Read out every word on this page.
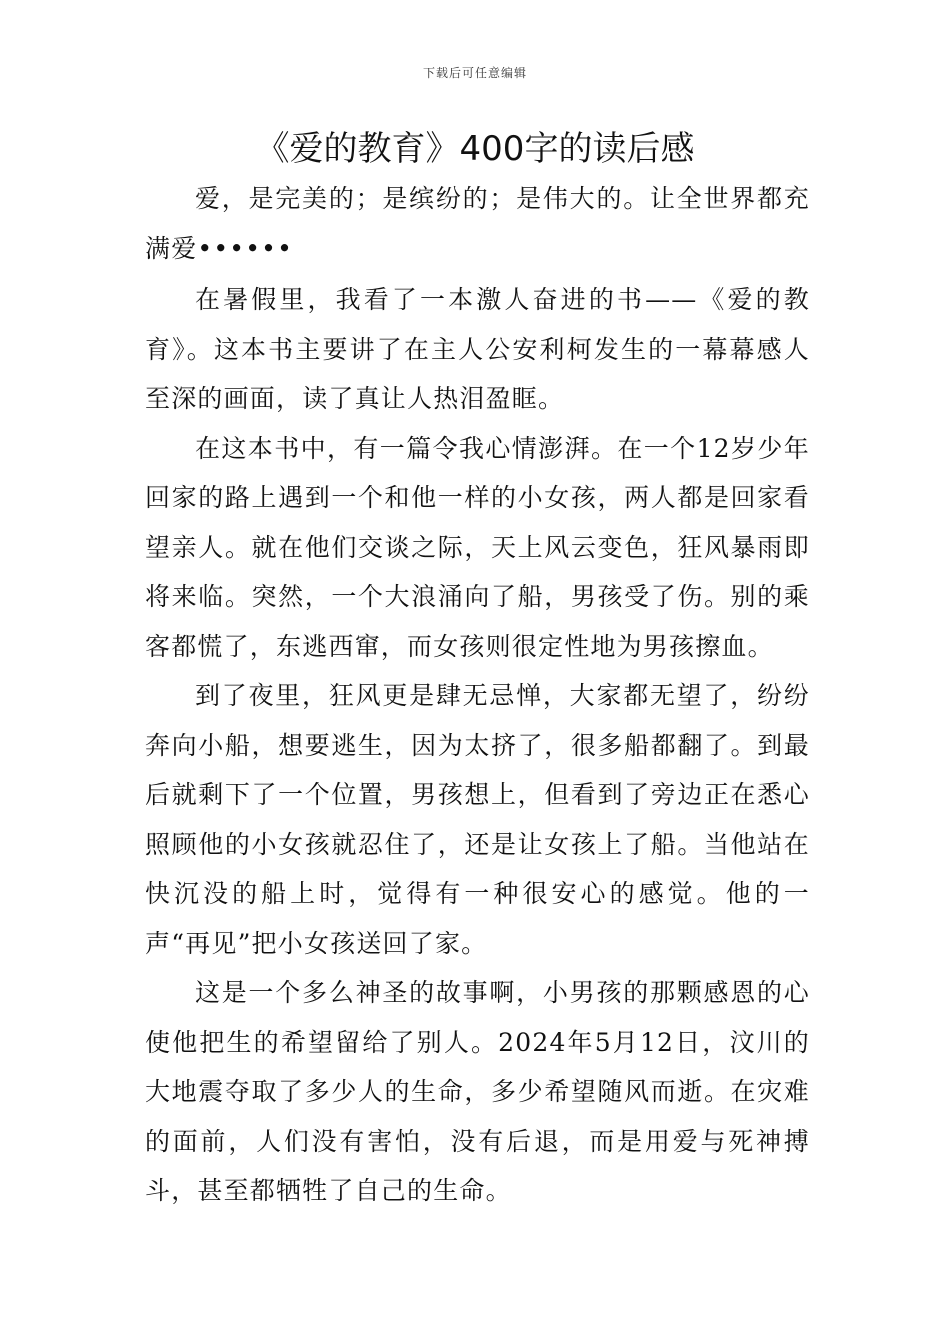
下载后可任意编辑
《爱的教育》400字的读后感

爱，是完美的；是缤纷的；是伟大的。让全世界都充满爱••••••

在暑假里，我看了一本激人奋进的书——《爱的教育》。这本书主要讲了在主人公安利柯发生的一幕幕感人至深的画面，读了真让人热泪盈眶。

在这本书中，有一篇令我心情澎湃。在一个12岁少年回家的路上遇到一个和他一样的小女孩，两人都是回家看望亲人。就在他们交谈之际，天上风云变色，狂风暴雨即将来临。突然，一个大浪涌向了船，男孩受了伤。别的乘客都慌了，东逃西窜，而女孩则很定性地为男孩擦血。

到了夜里，狂风更是肆无忌惮，大家都无望了，纷纷奔向小船，想要逃生，因为太挤了，很多船都翻了。到最后就剩下了一个位置，男孩想上，但看到了旁边正在悉心照顾他的小女孩就忍住了，还是让女孩上了船。当他站在快沉没的船上时，觉得有一种很安心的感觉。他的一声“再见”把小女孩送回了家。

这是一个多么神圣的故事啊，小男孩的那颗感恩的心使他把生的希望留给了别人。2024年5月12日，汶川的大地震夺取了多少人的生命，多少希望随风而逝。在灾难的面前，人们没有害怕，没有后退，而是用爱与死神搏斗，甚至都牺牲了自己的生命。
